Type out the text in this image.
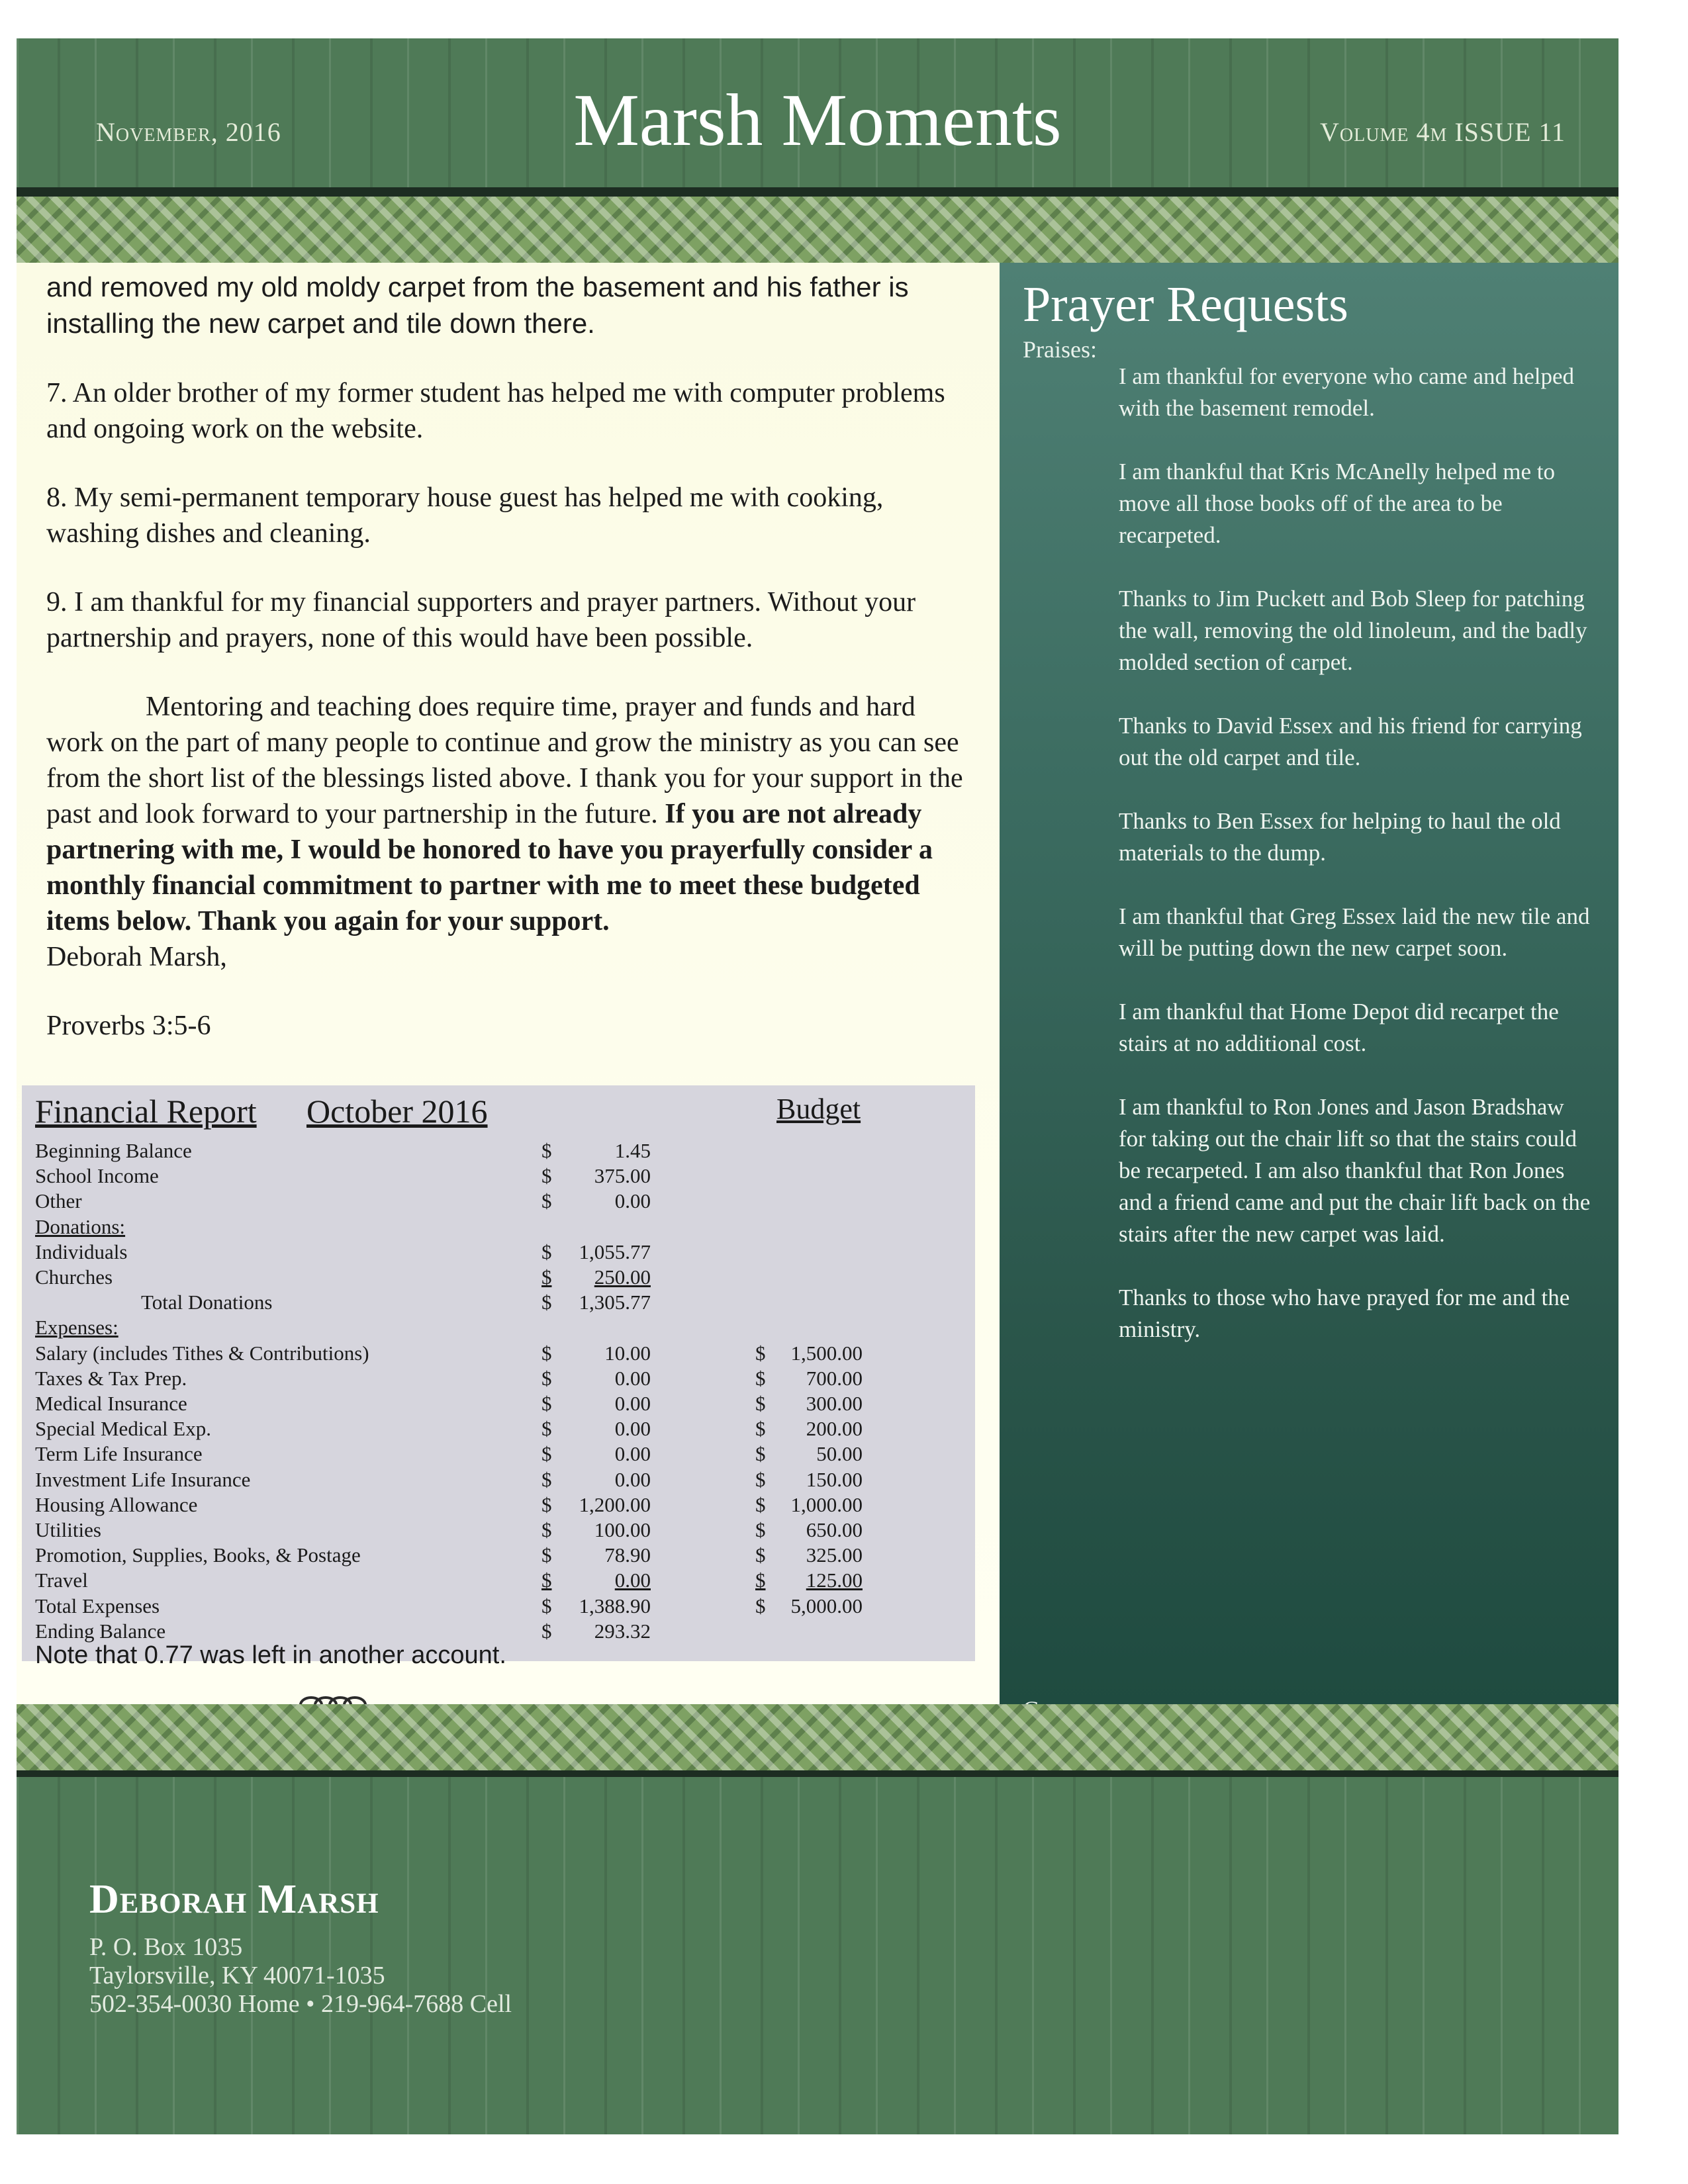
November, 2016	Marsh Moments	Volume 4m ISSUE 11

and removed my old moldy carpet from the basement and his father is installing the new carpet and tile down there.

7. An older brother of my former student has helped me with computer problems and ongoing work on the website.

8. My semi-permanent temporary house guest has helped me with cooking, washing dishes and cleaning.

9. I am thankful for my financial supporters and prayer partners. Without your partnership and prayers, none of this would have been possible.

Mentoring and teaching does require time, prayer and funds and hard work on the part of many people to continue and grow the ministry as you can see from the short list of the blessings listed above. I thank you for your support in the past and look forward to your partnership in the future. If you are not already partnering with me, I would be honored to have you prayerfully consider a monthly financial commitment to partner with me to meet these budgeted items below. Thank you again for your support.

Deborah Marsh,

Proverbs 3:5-6

Financial Report October 2016	Budget

Beginning Balance	$	1.45
School Income	$	375.00
Other	$	0.00
Donations:
Individuals	$	1,055.77
Churches	$	250.00
Total Donations	$	1,305.77
Expenses:
Salary (includes Tithes & Contributions)	$	10.00	$	1,500.00
Taxes & Tax Prep.	$	0.00	$	700.00
Medical Insurance	$	0.00	$	300.00
Special Medical Exp.	$	0.00	$	200.00
Term Life Insurance	$	0.00	$	50.00
Investment Life Insurance	$	0.00	$	150.00
Housing Allowance	$	1,200.00	$	1,000.00
Utilities	$	100.00	$	650.00
Promotion, Supplies, Books, & Postage	$	78.90	$	325.00
Travel	$	0.00	$	125.00
Total Expenses	$	1,388.90	$	5,000.00
Ending Balance	$	293.32

Note that 0.77 was left in another account.

Prayer Requests

Praises:

I am thankful for everyone who came and helped with the basement remodel.

I am thankful that Kris McAnelly helped me to move all those books off of the area to be recarpeted.

Thanks to Jim Puckett and Bob Sleep for patching the wall, removing the old linoleum, and the badly molded section of carpet.

Thanks to David Essex and his friend for carrying out the old carpet and tile.

Thanks to Ben Essex for helping to haul the old materials to the dump.

I am thankful that Greg Essex laid the new tile and will be putting down the new carpet soon.

I am thankful that Home Depot did recarpet the stairs at no additional cost.

I am thankful to Ron Jones and Jason Bradshaw for taking out the chair lift so that the stairs could be recarpeted. I am also thankful that Ron Jones and a friend came and put the chair lift back on the stairs after the new carpet was laid.

Thanks to those who have prayed for me and the ministry.

Deborah Marsh

P. O. Box 1035

Taylorsville, KY 40071-1035

502-354-0030 Home • 219-964-7688 Cell
